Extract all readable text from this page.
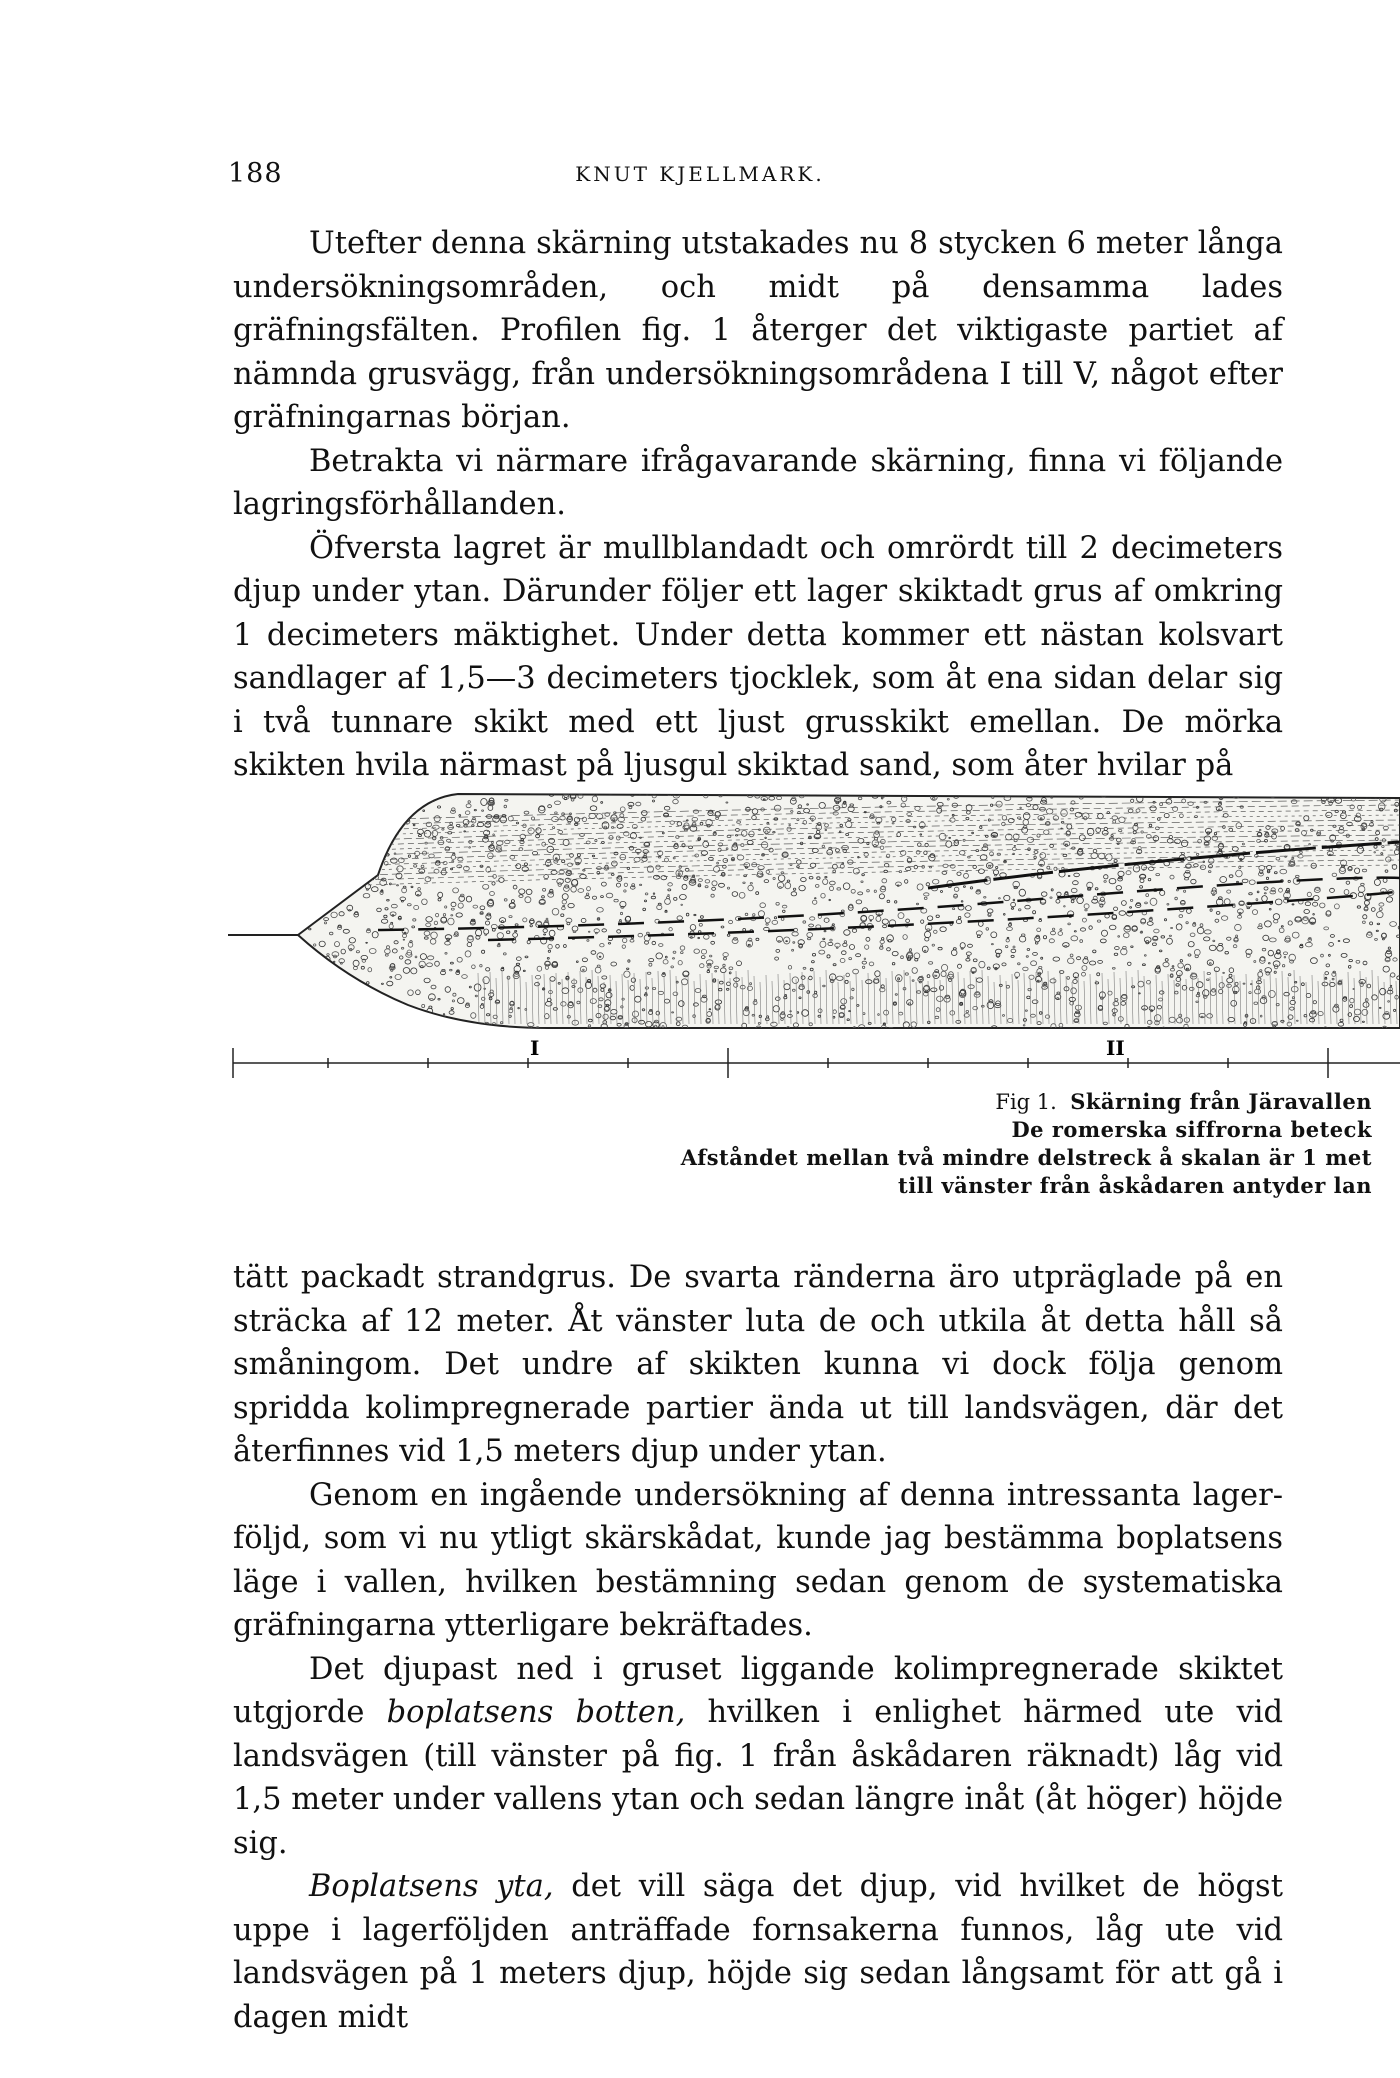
188	KNUT KJELLMARK.

Utefter denna skärning utstakades nu 8 stycken 6 meter långa undersökningsområden, och midt på densamma lades gräfningsfälten. Profilen fig. 1 återger det viktigaste partiet af nämnda grusvägg, från undersökningsområdena I till V, något efter gräfningarnas början.

Betrakta vi närmare ifrågavarande skärning, finna vi följande lagringsförhållanden.

Öfversta lagret är mullblandadt och omrördt till 2 decimeters djup under ytan. Därunder följer ett lager skiktadt grus af omkring 1 decimeters mäktighet. Under detta kommer ett nästan kolsvart sandlager af 1,5—3 decimeters tjocklek, som åt ena sidan delar sig i två tunnare skikt med ett ljust grusskikt emellan. De mörka skikten hvila närmast på ljusgul skiktad sand, som åter hvilar på

I	II
Fig 1. Skärning från Järavallen
De romerska siffrorna beteck
Afståndet mellan två mindre delstreck å skalan är 1 met
till vänster från åskådaren antyder lan

tätt packadt strandgrus. De svarta ränderna äro utpräglade på en sträcka af 12 meter. Åt vänster luta de och utkila åt detta håll så småningom. Det undre af skikten kunna vi dock följa genom spridda kolimpregnerade partier ända ut till landsvägen, där det återfinnes vid 1,5 meters djup under ytan.

Genom en ingående undersökning af denna intressanta lagerföljd, som vi nu ytligt skärskådat, kunde jag bestämma boplatsens läge i vallen, hvilken bestämning sedan genom de systematiska gräfningarna ytterligare bekräftades.

Det djupast ned i gruset liggande kolimpregnerade skiktet utgjorde boplatsens botten, hvilken i enlighet härmed ute vid landsvägen (till vänster på fig. 1 från åskådaren räknadt) låg vid 1,5 meter under vallens ytan och sedan längre inåt (åt höger) höjde sig.

Boplatsens yta, det vill säga det djup, vid hvilket de högst uppe i lagerföljden anträffade fornsakerna funnos, låg ute vid landsvägen på 1 meters djup, höjde sig sedan långsamt för att gå i dagen midt
